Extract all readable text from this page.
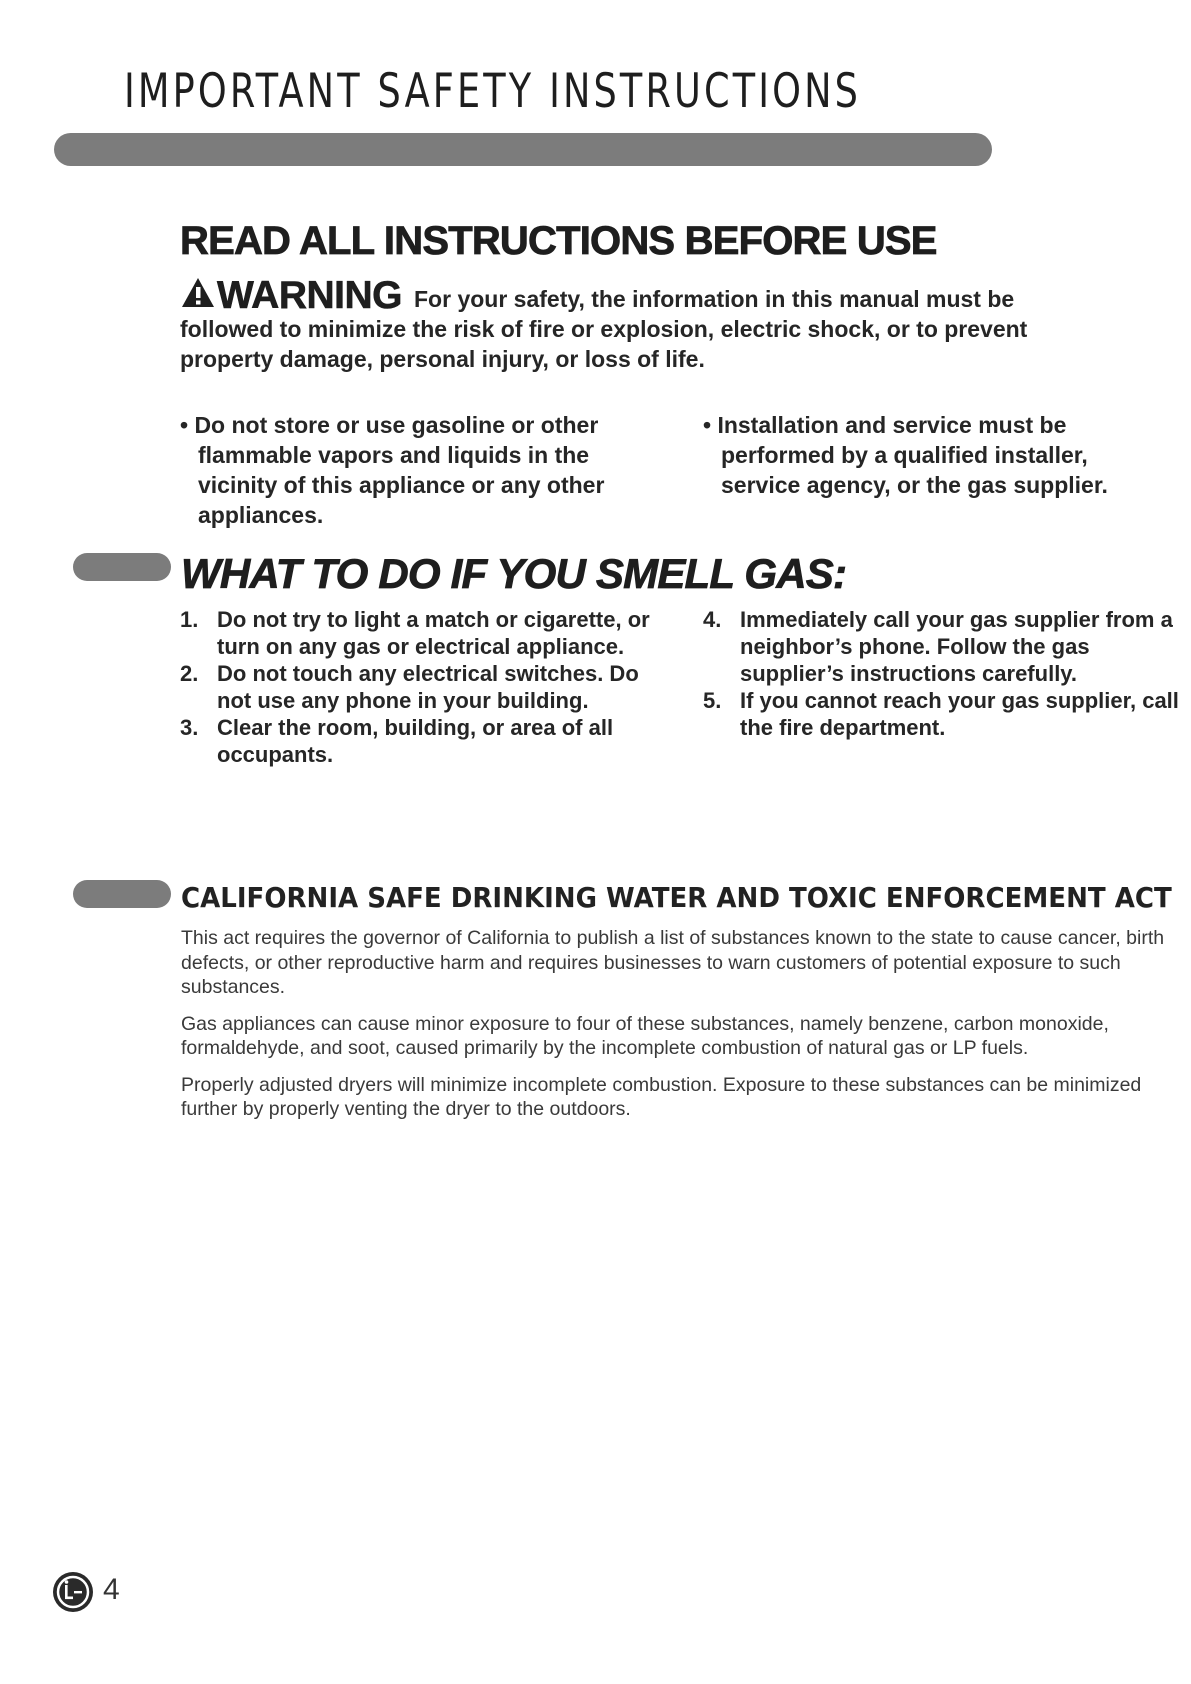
IMPORTANT SAFETY INSTRUCTIONS
READ ALL INSTRUCTIONS BEFORE USE

WARNING For your safety, the information in this manual must be followed to minimize the risk of fire or explosion, electric shock, or to prevent property damage, personal injury, or loss of life.

• Do not store or use gasoline or other flammable vapors and liquids in the vicinity of this appliance or any other appliances.
• Installation and service must be performed by a qualified installer, service agency, or the gas supplier.
WHAT TO DO IF YOU SMELL GAS:
1. Do not try to light a match or cigarette, or turn on any gas or electrical appliance.
2. Do not touch any electrical switches. Do not use any phone in your building.
3. Clear the room, building, or area of all occupants.
4. Immediately call your gas supplier from a neighbor’s phone. Follow the gas supplier’s instructions carefully.
5. If you cannot reach your gas supplier, call the fire department.
CALIFORNIA SAFE DRINKING WATER AND TOXIC ENFORCEMENT ACT

This act requires the governor of California to publish a list of substances known to the state to cause cancer, birth defects, or other reproductive harm and requires businesses to warn customers of potential exposure to such substances.

Gas appliances can cause minor exposure to four of these substances, namely benzene, carbon monoxide, formaldehyde, and soot, caused primarily by the incomplete combustion of natural gas or LP fuels.

Properly adjusted dryers will minimize incomplete combustion. Exposure to these substances can be minimized further by properly venting the dryer to the outdoors.

4
